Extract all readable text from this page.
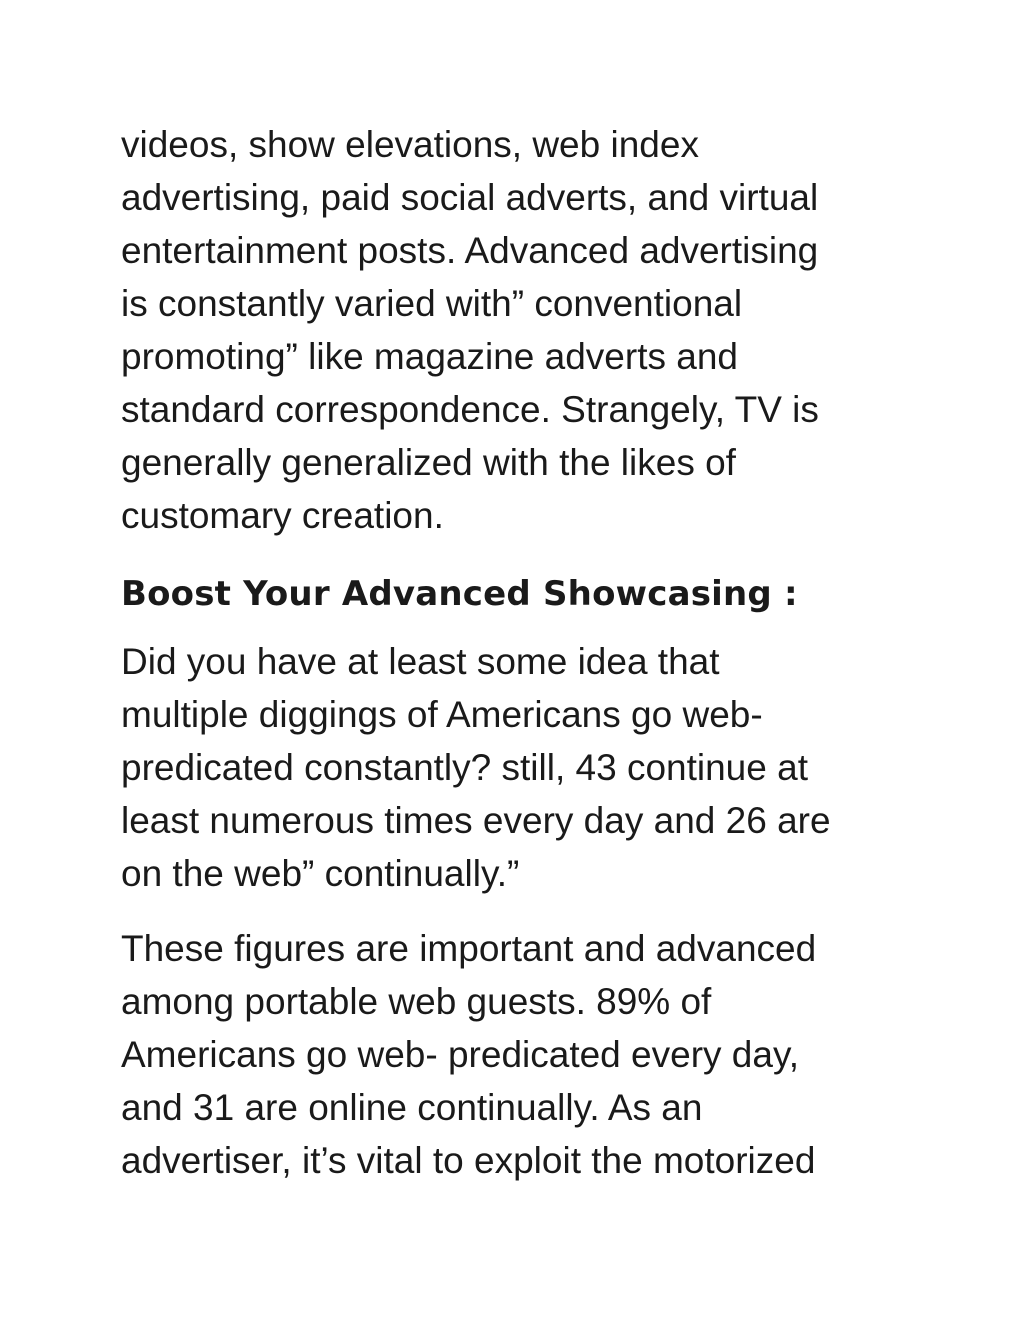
videos, show elevations, web index
advertising, paid social adverts, and virtual
entertainment posts. Advanced advertising
is constantly varied with” conventional
promoting” like magazine adverts and
standard correspondence. Strangely, TV is
generally generalized with the likes of
customary creation.

Boost Your Advanced Showcasing :

Did you have at least some idea that
multiple diggings of Americans go web-
predicated constantly? still, 43 continue at
least numerous times every day and 26 are
on the web” continually.”

These figures are important and advanced
among portable web guests. 89% of
Americans go web- predicated every day,
and 31 are online continually. As an
advertiser, it’s vital to exploit the motorized
